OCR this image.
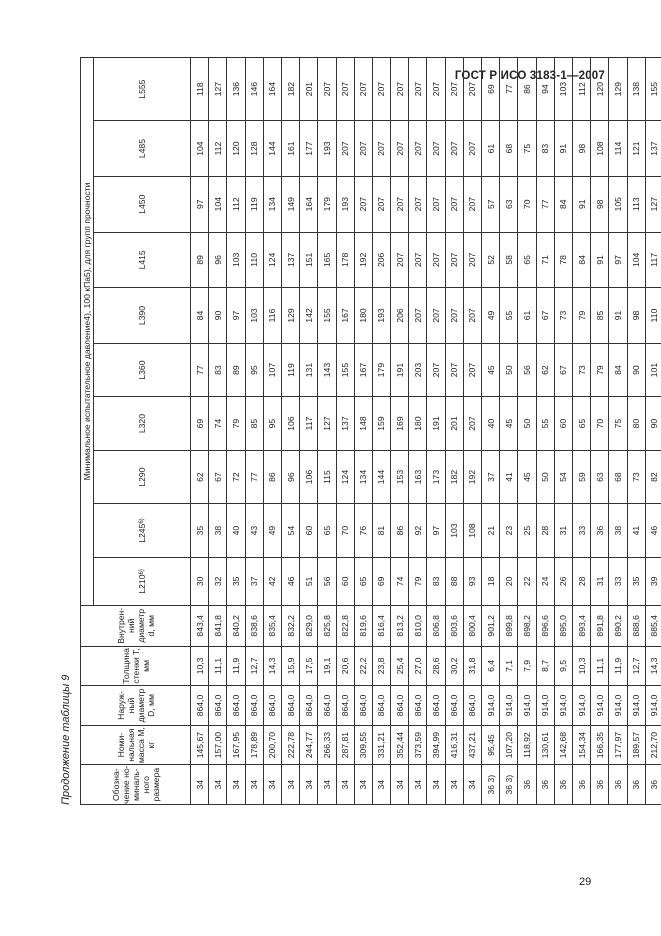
ГОСТ Р ИСО 3183-1—2007
Продолжение таблицы 9	Обозна-чение но-миналь-ного размера	Номи-нальная масса М, кг	Наруж-ный диаметр D, мм	Толщина стенки Т, мм	Внутрен-ний диаметр d, мм	Минимальное испытательное давление4), 100 кПа5), для групп прочности									
					L210$^{6)}$	L245$^{6)}$	L290	L320	L360	L390	L415	L450	L485	L555
34	145,67	864,0	10,3	843,4	30	35	62	69	77	84	89	97	104	118
34	157,00	864,0	11,1	841,8	32	38	67	74	83	90	96	104	112	127
34	167,95	864,0	11,9	840,2	35	40	72	79	89	97	103	112	120	136
34	178,89	864,0	12,7	838,6	37	43	77	85	95	103	110	119	128	146
34	200,70	864,0	14,3	835,4	42	49	86	95	107	116	124	134	144	164
34	222,78	864,0	15,9	832,2	46	54	96	106	119	129	137	149	161	182
34	244,77	864,0	17,5	829,0	51	60	106	117	131	142	151	164	177	201
34	266,33	864,0	19,1	825,8	56	65	115	127	143	155	165	179	193	207
34	287,81	864,0	20,6	822,8	60	70	124	137	155	167	178	193	207	207
34	309,55	864,0	22,2	819,6	65	76	134	148	167	180	192	207	207	207
34	331,21	864,0	23,8	816,4	69	81	144	159	179	193	206	207	207	207
34	352,44	864,0	25,4	813,2	74	86	153	169	191	206	207	207	207	207
34	373,59	864,0	27,0	810,0	79	92	163	180	203	207	207	207	207	207
34	394,99	864,0	28,6	806,8	83	97	173	191	207	207	207	207	207	207
34	416,31	864,0	30,2	803,6	88	103	182	201	207	207	207	207	207	207
34	437,21	864,0	31,8	800,4	93	108	192	207	207	207	207	207	207	207
36 3)	95,45	914,0	6,4	901,2	18	21	37	40	45	49	52	57	61	69
36 3)	107,20	914,0	7,1	899,8	20	23	41	45	50	55	58	63	68	77
36	118,92	914,0	7,9	898,2	22	25	45	50	56	61	65	70	75	86
36	130,61	914,0	8,7	896,6	24	28	50	55	62	67	71	77	83	94
36	142,68	914,0	9,5	895,0	26	31	54	60	67	73	78	84	91	103
36	154,34	914,0	10,3	893,4	28	33	59	65	73	79	84	91	98	112
36	166,35	914,0	11,1	891,8	31	36	63	70	79	85	91	98	108	120
36	177,97	914,0	11,9	890,2	33	38	68	75	84	91	97	105	114	129
36	189,57	914,0	12,7	888,6	35	41	73	80	90	98	104	113	121	138
36	212,70	914,0	14,3	885,4	39	46	82	90	101	110	117	127	137	155
29
